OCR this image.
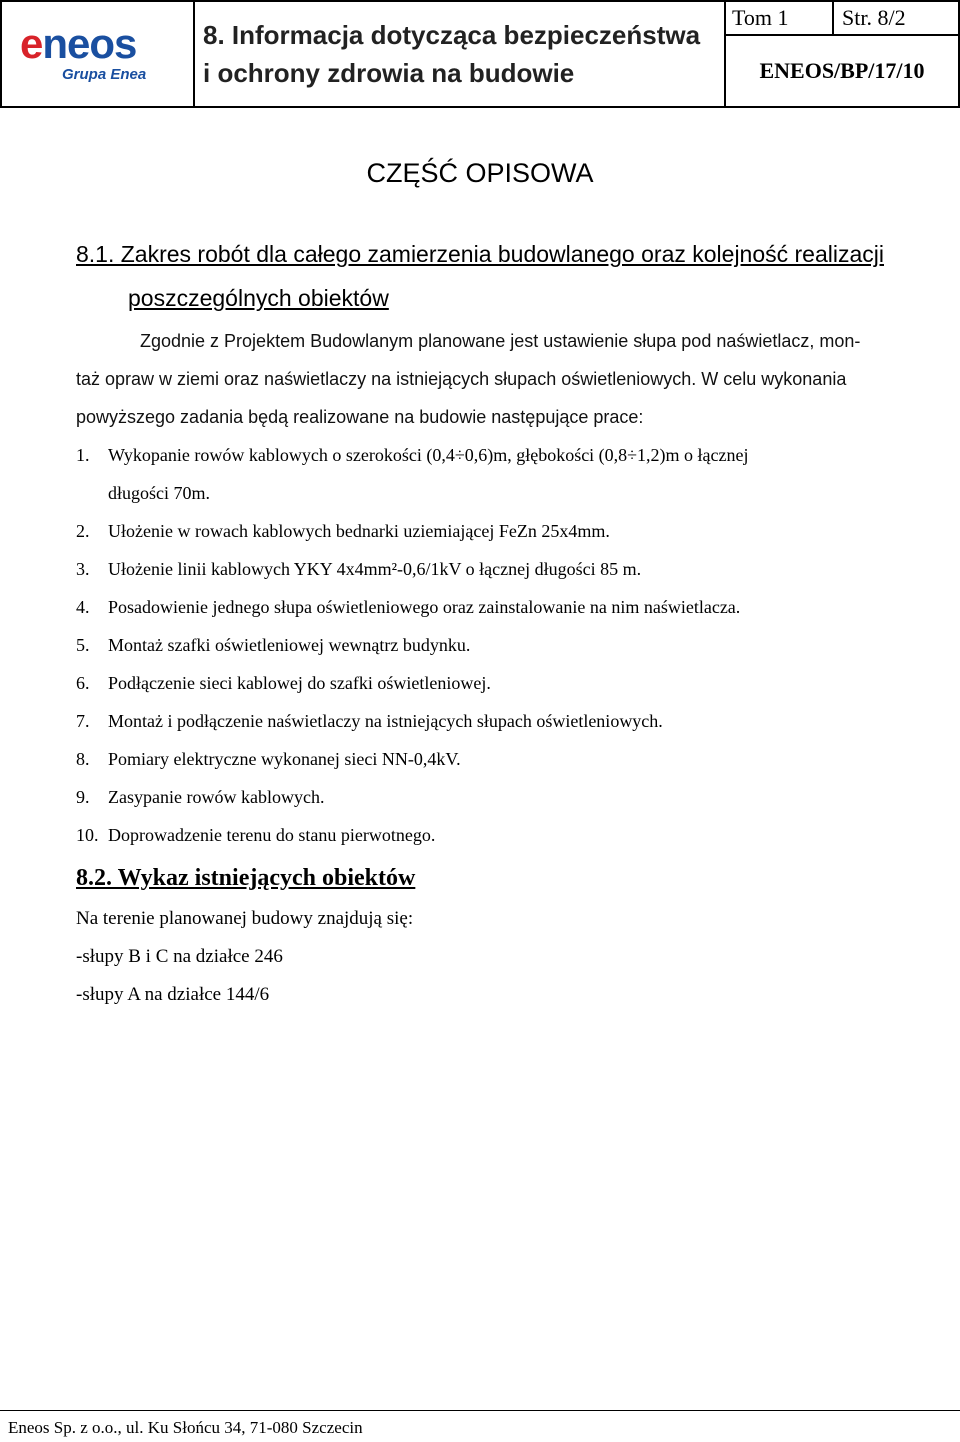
eneos
Grupa Enea
8. Informacja dotycząca bezpieczeństwa
i ochrony zdrowia na budowie
Tom 1	Str. 8/2
ENEOS/BP/17/10
CZĘŚĆ OPISOWA
8.1. Zakres robót dla całego zamierzenia budowlanego oraz kolejność realizacji
poszczególnych obiektów
Zgodnie z Projektem Budowlanym planowane jest ustawienie słupa pod naświetlacz, mon-
taż opraw w ziemi oraz naświetlaczy na istniejących słupach oświetleniowych. W celu wykonania
powyższego zadania będą realizowane na budowie następujące prace:
1. Wykopanie rowów kablowych o szerokości (0,4÷0,6)m, głębokości (0,8÷1,2)m o łącznej
długości 70m.
2. Ułożenie w rowach kablowych bednarki uziemiającej FeZn 25x4mm.
3. Ułożenie linii kablowych YKY 4x4mm²-0,6/1kV o łącznej długości 85 m.
4. Posadowienie jednego słupa oświetleniowego oraz zainstalowanie na nim naświetlacza.
5. Montaż szafki oświetleniowej wewnątrz budynku.
6. Podłączenie sieci kablowej do szafki oświetleniowej.
7. Montaż i podłączenie naświetlaczy na istniejących słupach oświetleniowych.
8. Pomiary elektryczne wykonanej sieci NN-0,4kV.
9. Zasypanie rowów kablowych.
10. Doprowadzenie terenu do stanu pierwotnego.
8.2. Wykaz istniejących obiektów
Na terenie planowanej budowy znajdują się:
-słupy B i C na działce 246
-słupy A na działce 144/6
Eneos Sp. z o.o., ul. Ku Słońcu 34, 71-080 Szczecin
